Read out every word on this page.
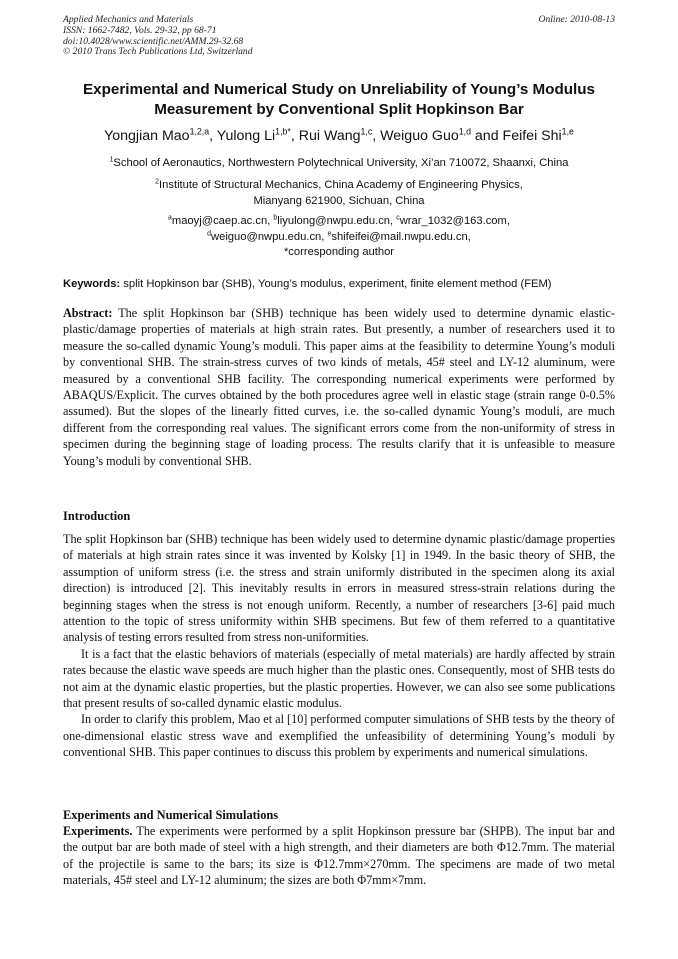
Applied Mechanics and Materials
ISSN: 1662-7482, Vols. 29-32, pp 68-71
doi:10.4028/www.scientific.net/AMM.29-32.68
© 2010 Trans Tech Publications Ltd, Switzerland
Online: 2010-08-13
Experimental and Numerical Study on Unreliability of Young’s Modulus
Measurement by Conventional Split Hopkinson Bar
Yongjian Mao$^{1,2,a}$, Yulong $Li^{1,b*}$, Rui Wang$^{1,c}$, Weiguo Guo$^{1,d}$ and Feifei Shi$^{1,e}$
$^1$School of Aeronautics, Northwestern Polytechnical University, Xi’an 710072, Shaanxi, China
$^2$Institute of Structural Mechanics, China Academy of Engineering Physics,
Mianyang 621900, Sichuan, China
$^a$maoyj@caep.ac.cn, $^b$liyulong@nwpu.edu.cn, $^c$wrar_1032@163.com,
$^d$weiguo@nwpu.edu.cn, $^e$shifeifei@mail.nwpu.edu.cn,
*corresponding author
Keywords: split Hopkinson bar (SHB), Young’s modulus, experiment, finite element method (FEM)

Abstract: The split Hopkinson bar (SHB) technique has been widely used to determine dynamic elastic-plastic/damage properties of materials at high strain rates. But presently, a number of researchers used it to measure the so-called dynamic Young’s moduli. This paper aims at the feasibility to determine Young’s moduli by conventional SHB. The strain-stress curves of two kinds of metals, 45# steel and LY-12 aluminum, were measured by a conventional SHB facility. The corresponding numerical experiments were performed by ABAQUS/Explicit. The curves obtained by the both procedures agree well in elastic stage (strain range 0-0.5% assumed). But the slopes of the linearly fitted curves, i.e. the so-called dynamic Young’s moduli, are much different from the corresponding real values. The significant errors come from the non-uniformity of stress in specimen during the beginning stage of loading process. The results clarify that it is unfeasible to measure Young’s moduli by conventional SHB.

Introduction

The split Hopkinson bar (SHB) technique has been widely used to determine dynamic plastic/damage properties of materials at high strain rates since it was invented by Kolsky [1] in 1949. In the basic theory of SHB, the assumption of uniform stress (i.e. the stress and strain uniformly distributed in the specimen along its axial direction) is introduced [2]. This inevitably results in errors in measured stress-strain relations during the beginning stages when the stress is not enough uniform. Recently, a number of researchers [3-6] paid much attention to the topic of stress uniformity within SHB specimens. But few of them referred to a quantitative analysis of testing errors resulted from stress non-uniformities.

It is a fact that the elastic behaviors of materials (especially of metal materials) are hardly affected by strain rates because the elastic wave speeds are much higher than the plastic ones. Consequently, most of SHB tests do not aim at the dynamic elastic properties, but the plastic properties. However, we can also see some publications that present results of so-called dynamic elastic modulus.

In order to clarify this problem, Mao et al [10] performed computer simulations of SHB tests by the theory of one-dimensional elastic stress wave and exemplified the unfeasibility of determining Young’s moduli by conventional SHB. This paper continues to discuss this problem by experiments and numerical simulations.

Experiments and Numerical Simulations

Experiments. The experiments were performed by a split Hopkinson pressure bar (SHPB). The input bar and the output bar are both made of steel with a high strength, and their diameters are both Φ12.7mm. The material of the projectile is same to the bars; its size is Φ12.7mm×270mm. The specimens are made of two metal materials, 45# steel and LY-12 aluminum; the sizes are both Φ7mm×7mm.
